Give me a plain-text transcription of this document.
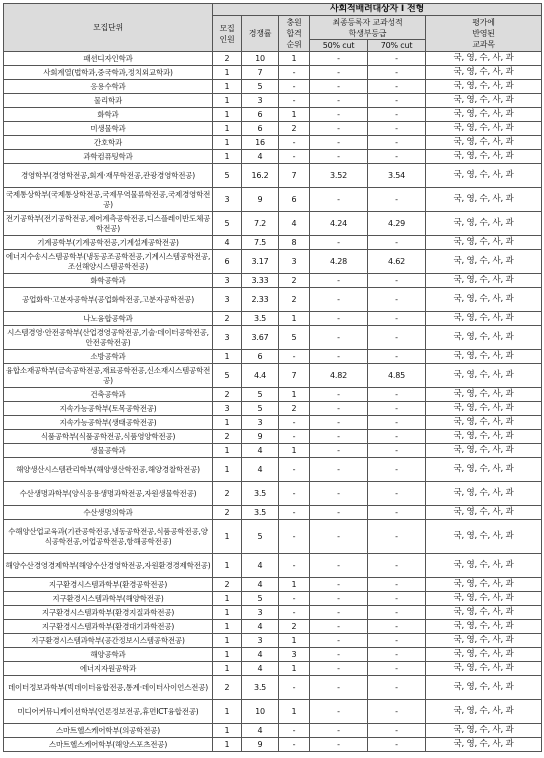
모집단위	사회적배려대상자 I 전형					
	모집
인원	경쟁률	충원
합격
순위	최종등록자 교과성적
학생부등급		평가에
반영된
교과목

				50% cut	70% cut	
패션디자인학과	2	10	1	-	-	국, 영, 수, 사, 과
사회계열(법학과,중국학과,정치외교학과)	1	7	-	-	-	국, 영, 수, 사, 과
응용수학과	1	5	-	-	-	국, 영, 수, 사, 과
물리학과	1	3	-	-	-	국, 영, 수, 사, 과
화학과	1	6	1	-	-	국, 영, 수, 사, 과
미생물학과	1	6	2	-	-	국, 영, 수, 사, 과
간호학과	1	16	-	-	-	국, 영, 수, 사, 과
과학컴퓨팅학과	1	4	-	-	-	국, 영, 수, 사, 과
경영학부(경영학전공,회계·재무학전공,관광경영학전공)	5	16.2	7	3.52	3.54	국, 영, 수, 사, 과
국제통상학부(국제통상학전공,국제무역물류학전공,국제경영학전공)	3	9	6	-	-	국, 영, 수, 사, 과
전기공학부(전기공학전공,제어계측공학전공,디스플레이반도체공학전공)	5	7.2	4	4.24	4.29	국, 영, 수, 사, 과
기계공학부(기계공학전공,기계설계공학전공)	4	7.5	8	-	-	국, 영, 수, 사, 과
에너지수송시스템공학부(냉동공조공학전공,기계시스템공학전공,조선해양시스템공학전공)	6	3.17	3	4.28	4.62	국, 영, 수, 사, 과
화학공학과	3	3.33	2	-	-	국, 영, 수, 사, 과
공업화학·고분자공학부(공업화학전공,고분자공학전공)	3	2.33	2	-	-	국, 영, 수, 사, 과
나노융합공학과	2	3.5	1	-	-	국, 영, 수, 사, 과
시스템경영·안전공학부(산업경영공학전공,기술·데이터공학전공,안전공학전공)	3	3.67	5	-	-	국, 영, 수, 사, 과
소방공학과	1	6	-	-	-	국, 영, 수, 사, 과
융합소재공학부(금속공학전공,재료공학전공,신소재시스템공학전공)	5	4.4	7	4.82	4.85	국, 영, 수, 사, 과
건축공학과	2	5	1	-	-	국, 영, 수, 사, 과
지속가능공학부(토목공학전공)	3	5	2	-	-	국, 영, 수, 사, 과
지속가능공학부(생태공학전공)	1	3	-	-	-	국, 영, 수, 사, 과
식품공학부(식품공학전공,식품영양학전공)	2	9	-	-	-	국, 영, 수, 사, 과
생물공학과	1	4	1	-	-	국, 영, 수, 사, 과
해양생산시스템관리학부(해양생산학전공,해양경찰학전공)	1	4	-	-	-	국, 영, 수, 사, 과
수산생명과학부(양식응용생명과학전공,자원생물학전공)	2	3.5	-	-	-	국, 영, 수, 사, 과
수산생명의학과	2	3.5	-	-	-	국, 영, 수, 사, 과
수해양산업교육과(기관공학전공,냉동공학전공,식품공학전공,양식공학전공,어업공학전공,항해공학전공)	1	5	-	-	-	국, 영, 수, 사, 과
해양수산경영경제학부(해양수산경영학전공,자원환경경제학전공)	1	4	-	-	-	국, 영, 수, 사, 과
지구환경시스템과학부(환경공학전공)	2	4	1	-	-	국, 영, 수, 사, 과
지구환경시스템과학부(해양학전공)	1	5	-	-	-	국, 영, 수, 사, 과
지구환경시스템과학부(환경지질과학전공)	1	3	-	-	-	국, 영, 수, 사, 과
지구환경시스템과학부(환경대기과학전공)	1	4	2	-	-	국, 영, 수, 사, 과
지구환경시스템과학부(공간정보시스템공학전공)	1	3	1	-	-	국, 영, 수, 사, 과
해양공학과	1	4	3	-	-	국, 영, 수, 사, 과
에너지자원공학과	1	4	1	-	-	국, 영, 수, 사, 과
데이터정보과학부(빅데이터융합전공,통계·데이터사이언스전공)	2	3.5	-	-	-	국, 영, 수, 사, 과
미디어커뮤니케이션학부(언론정보전공,휴먼ICT융합전공)	1	10	1	-	-	국, 영, 수, 사, 과
스마트헬스케어학부(의공학전공)	1	4	-	-	-	국, 영, 수, 사, 과
스마트헬스케어학부(해양스포츠전공)	1	9	-	-	-	국, 영, 수, 사, 과
